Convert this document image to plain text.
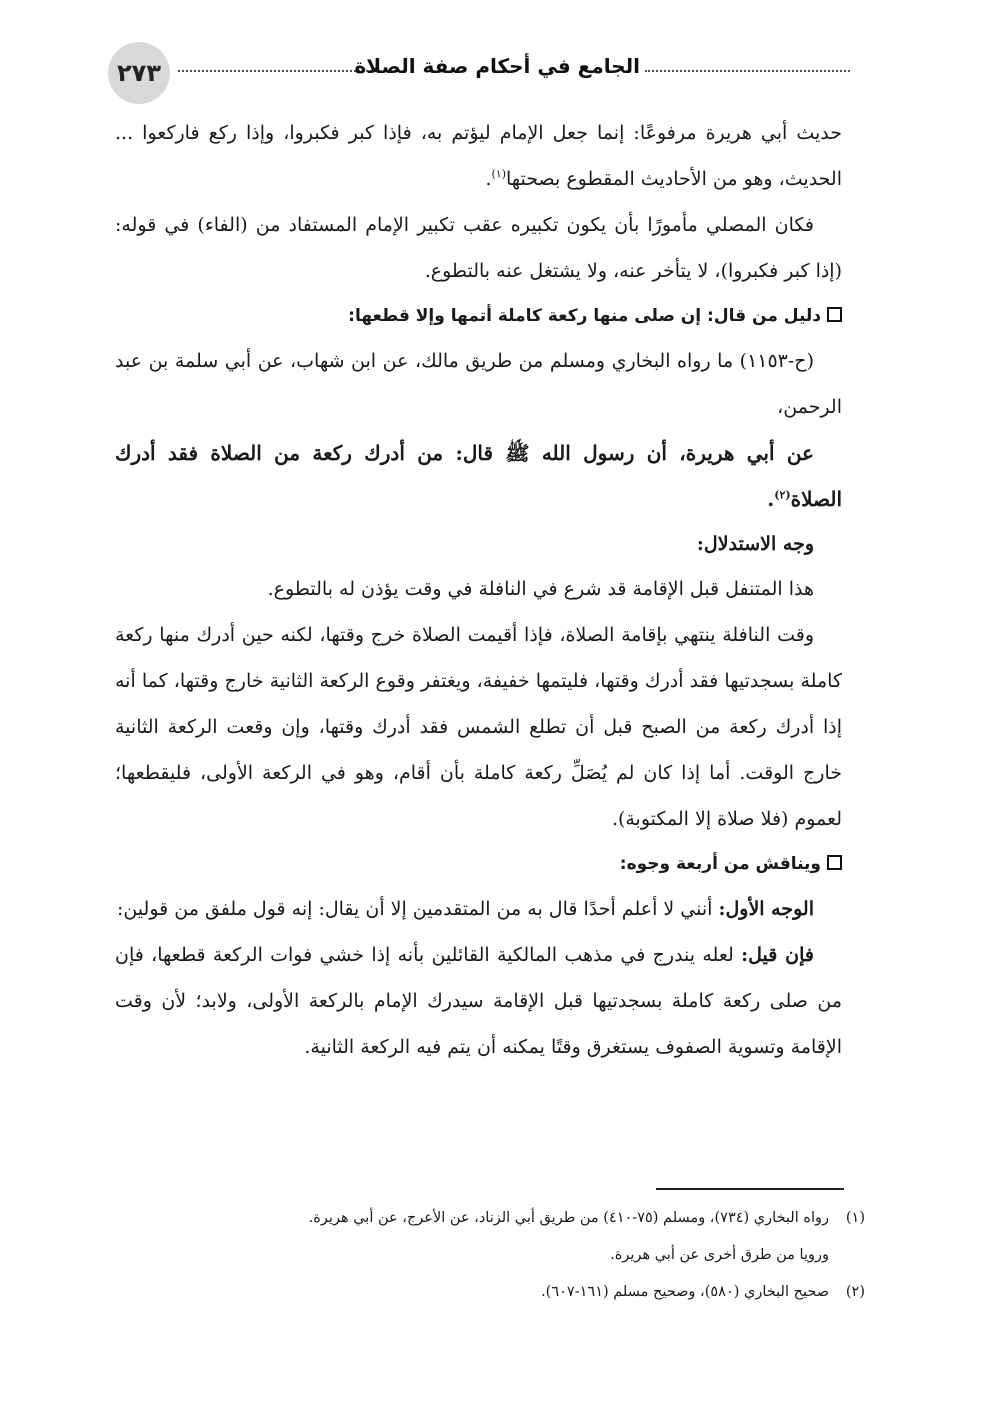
٢٧٣	الجامع في أحكام صفة الصلاة

حديث أبي هريرة مرفوعًا: إنما جعل الإمام ليؤتم به، فإذا كبر فكبروا، وإذا ركع فاركعوا ... الحديث، وهو من الأحاديث المقطوع بصحتها$^{(١)}$.

فكان المصلي مأمورًا بأن يكون تكبيره عقب تكبير الإمام المستفاد من (الفاء) في قوله: (إذا كبر فكبروا)، لا يتأخر عنه، ولا يشتغل عنه بالتطوع.

دليل من قال: إن صلى منها ركعة كاملة أتمها وإلا قطعها:

(ح-١١٥٣) ما رواه البخاري ومسلم من طريق مالك، عن ابن شهاب، عن أبي سلمة بن عبد الرحمن،

عن أبي هريرة، أن رسول الله ﷺ قال: من أدرك ركعة من الصلاة فقد أدرك الصلاة$^{(٢)}$.

وجه الاستدلال:

هذا المتنفل قبل الإقامة قد شرع في النافلة في وقت يؤذن له بالتطوع.

وقت النافلة ينتهي بإقامة الصلاة، فإذا أقيمت الصلاة خرج وقتها، لكنه حين أدرك منها ركعة كاملة بسجدتيها فقد أدرك وقتها، فليتمها خفيفة، ويغتفر وقوع الركعة الثانية خارج وقتها، كما أنه إذا أدرك ركعة من الصبح قبل أن تطلع الشمس فقد أدرك وقتها، وإن وقعت الركعة الثانية خارج الوقت. أما إذا كان لم يُصَلِّ ركعة كاملة بأن أقام، وهو في الركعة الأولى، فليقطعها؛ لعموم (فلا صلاة إلا المكتوبة).

ويناقش من أربعة وجوه:

الوجه الأول: أنني لا أعلم أحدًا قال به من المتقدمين إلا أن يقال: إنه قول ملفق من قولين:

فإن قيل: لعله يندرج في مذهب المالكية القائلين بأنه إذا خشي فوات الركعة قطعها، فإن من صلى ركعة كاملة بسجدتيها قبل الإقامة سيدرك الإمام بالركعة الأولى، ولابد؛ لأن وقت الإقامة وتسوية الصفوف يستغرق وقتًا يمكنه أن يتم فيه الركعة الثانية.

(١)رواه البخاري (٧٣٤)، ومسلم (٧٥-٤١٠) من طريق أبي الزناد، عن الأعرج، عن أبي هريرة.

ورويا من طرق أخرى عن أبي هريرة.

(٢)صحيح البخاري (٥٨٠)، وصحيح مسلم (١٦١-٦٠٧).
